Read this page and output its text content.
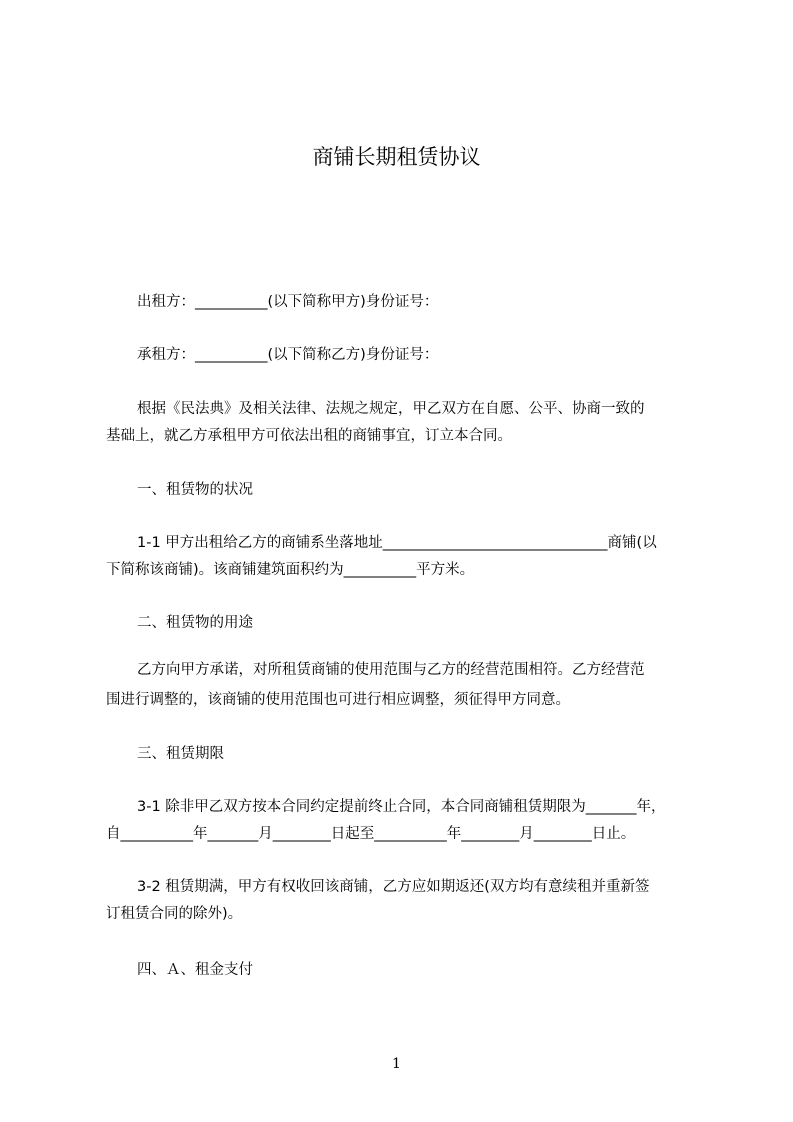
商铺长期租赁协议
出租方：__________(以下简称甲方)身份证号：
承租方：__________(以下简称乙方)身份证号：
根据《民法典》及相关法律、法规之规定，甲乙双方在自愿、公平、协商一致的
基础上，就乙方承租甲方可依法出租的商铺事宜，订立本合同。
一、租赁物的状况
1-1 甲方出租给乙方的商铺系坐落地址_______________________________商铺(以
下简称该商铺)。该商铺建筑面积约为__________平方米。
二、租赁物的用途
乙方向甲方承诺，对所租赁商铺的使用范围与乙方的经营范围相符。乙方经营范
围进行调整的，该商铺的使用范围也可进行相应调整，须征得甲方同意。
三、租赁期限
3-1 除非甲乙双方按本合同约定提前终止合同，本合同商铺租赁期限为_______年，
自__________年_______月________日起至__________年________月________日止。
3-2 租赁期满，甲方有权收回该商铺，乙方应如期返还(双方均有意续租并重新签
订租赁合同的除外)。
四、Ａ、租金支付
1
